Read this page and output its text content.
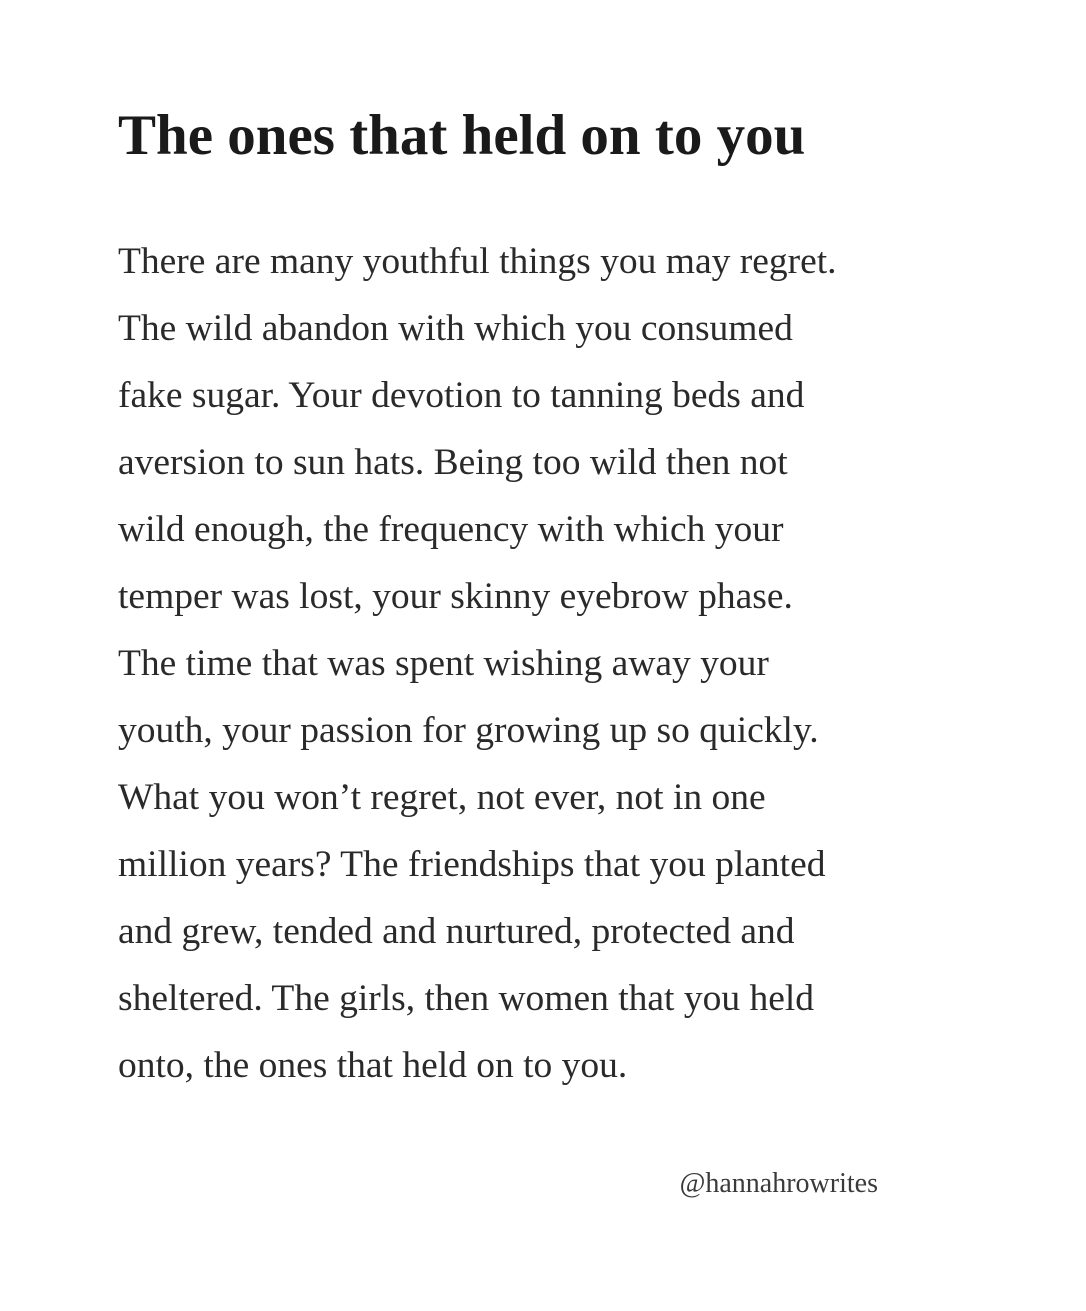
The ones that held on to you
There are many youthful things you may regret.
The wild abandon with which you consumed
fake sugar. Your devotion to tanning beds and
aversion to sun hats. Being too wild then not
wild enough, the frequency with which your
temper was lost, your skinny eyebrow phase.
The time that was spent wishing away your
youth, your passion for growing up so quickly.
What you won’t regret, not ever, not in one
million years? The friendships that you planted
and grew, tended and nurtured, protected and
sheltered. The girls, then women that you held
onto, the ones that held on to you.

@hannahrowrites
